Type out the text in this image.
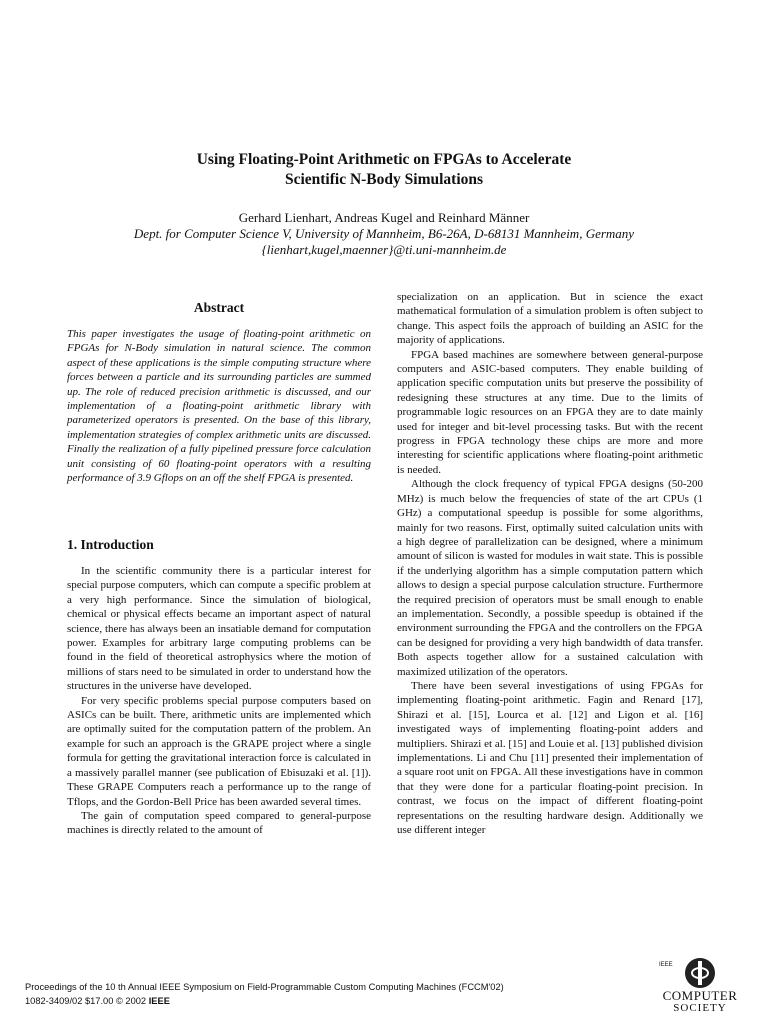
Using Floating-Point Arithmetic on FPGAs to Accelerate
Scientific N-Body Simulations
Gerhard Lienhart, Andreas Kugel and Reinhard Männer
Dept. for Computer Science V, University of Mannheim, B6-26A, D-68131 Mannheim, Germany
{lienhart,kugel,maenner}@ti.uni-mannheim.de
Abstract

This paper investigates the usage of floating-point arithmetic on FPGAs for N-Body simulation in natural science. The common aspect of these applications is the simple computing structure where forces between a particle and its surrounding particles are summed up. The role of reduced precision arithmetic is discussed, and our implementation of a floating-point arithmetic library with parameterized operators is presented. On the base of this library, implementation strategies of complex arithmetic units are discussed. Finally the realization of a fully pipelined pressure force calculation unit consisting of 60 floating-point operators with a resulting performance of 3.9 Gflops on an off the shelf FPGA is presented.

1. Introduction

In the scientific community there is a particular interest for special purpose computers, which can compute a specific problem at a very high performance. Since the simulation of biological, chemical or physical effects became an important aspect of natural science, there has always been an insatiable demand for computation power. Examples for arbitrary large computing problems can be found in the field of theoretical astrophysics where the motion of millions of stars need to be simulated in order to understand how the structures in the universe have developed.

For very specific problems special purpose computers based on ASICs can be built. There, arithmetic units are implemented which are optimally suited for the computation pattern of the problem. An example for such an approach is the GRAPE project where a single formula for getting the gravitational interaction force is calculated in a massively parallel manner (see publication of Ebisuzaki et al. [1]). These GRAPE Computers reach a performance up to the range of Tflops, and the Gordon-Bell Price has been awarded several times.

The gain of computation speed compared to general-purpose machines is directly related to the amount of

specialization on an application. But in science the exact mathematical formulation of a simulation problem is often subject to change. This aspect foils the approach of building an ASIC for the majority of applications.

FPGA based machines are somewhere between general-purpose computers and ASIC-based computers. They enable building of application specific computation units but preserve the possibility of redesigning these structures at any time. Due to the limits of programmable logic resources on an FPGA they are to date mainly used for integer and bit-level processing tasks. But with the recent progress in FPGA technology these chips are more and more interesting for scientific applications where floating-point arithmetic is needed.

Although the clock frequency of typical FPGA designs (50-200 MHz) is much below the frequencies of state of the art CPUs (1 GHz) a computational speedup is possible for some algorithms, mainly for two reasons. First, optimally suited calculation units with a high degree of parallelization can be designed, where a minimum amount of silicon is wasted for modules in wait state. This is possible if the underlying algorithm has a simple computation pattern which allows to design a special purpose calculation structure. Furthermore the required precision of operators must be small enough to enable an implementation. Secondly, a possible speedup is obtained if the environment surrounding the FPGA and the controllers on the FPGA can be designed for providing a very high bandwidth of data transfer. Both aspects together allow for a sustained calculation with maximized utilization of the operators.

There have been several investigations of using FPGAs for implementing floating-point arithmetic. Fagin and Renard [17], Shirazi et al. [15], Lourca et al. [12] and Ligon et al. [16] investigated ways of implementing floating-point adders and multipliers. Shirazi et al. [15] and Louie et al. [13] published division implementations. Li and Chu [11] presented their implementation of a square root unit on FPGA. All these investigations have in common that they were done for a particular floating-point precision. In contrast, we focus on the impact of different floating-point representations on the resulting hardware design. Additionally we use different integer

Proceedings of the 10 th Annual IEEE Symposium on Field-Programmable Custom Computing Machines (FCCM'02)
1082-3409/02 $17.00 © 2002 IEEE
IEEE
COMPUTER
SOCIETY
